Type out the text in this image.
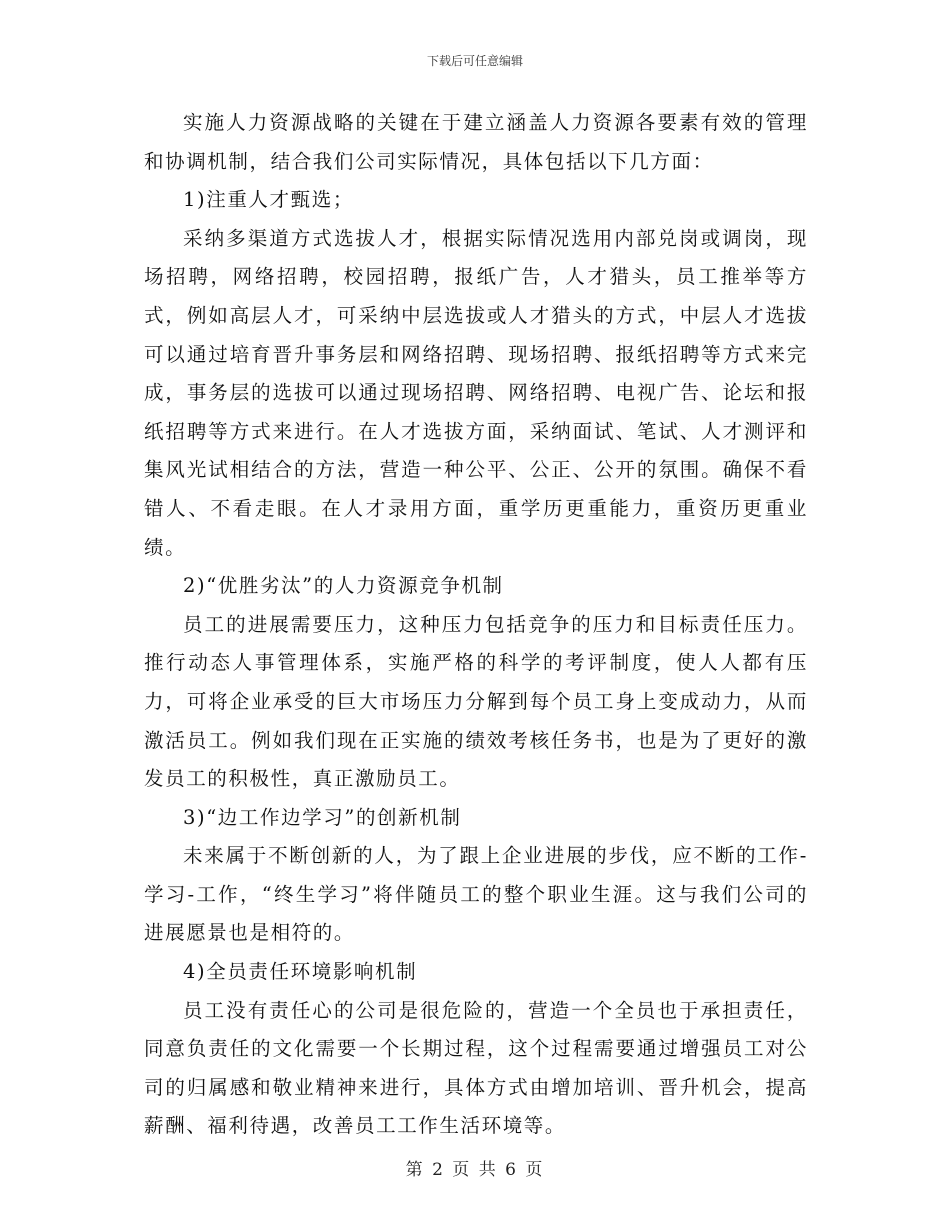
下载后可任意编辑

实施人力资源战略的关键在于建立涵盖人力资源各要素有效的管理和协调机制，结合我们公司实际情况，具体包括以下几方面：

1)注重人才甄选；

采纳多渠道方式选拔人才，根据实际情况选用内部兑岗或调岗，现场招聘，网络招聘，校园招聘，报纸广告，人才猎头，员工推举等方式，例如高层人才，可采纳中层选拔或人才猎头的方式，中层人才选拔可以通过培育晋升事务层和网络招聘、现场招聘、报纸招聘等方式来完成，事务层的选拔可以通过现场招聘、网络招聘、电视广告、论坛和报纸招聘等方式来进行。在人才选拔方面，采纳面试、笔试、人才测评和集风光试相结合的方法，营造一种公平、公正、公开的氛围。确保不看错人、不看走眼。在人才录用方面，重学历更重能力，重资历更重业绩。

2)“优胜劣汰”的人力资源竞争机制

员工的进展需要压力，这种压力包括竞争的压力和目标责任压力。推行动态人事管理体系，实施严格的科学的考评制度，使人人都有压力，可将企业承受的巨大市场压力分解到每个员工身上变成动力，从而激活员工。例如我们现在正实施的绩效考核任务书，也是为了更好的激发员工的积极性，真正激励员工。

3)“边工作边学习”的创新机制

未来属于不断创新的人，为了跟上企业进展的步伐，应不断的工作-学习-工作，“终生学习”将伴随员工的整个职业生涯。这与我们公司的进展愿景也是相符的。

4)全员责任环境影响机制

员工没有责任心的公司是很危险的，营造一个全员也于承担责任，同意负责任的文化需要一个长期过程，这个过程需要通过增强员工对公司的归属感和敬业精神来进行，具体方式由增加培训、晋升机会，提高薪酬、福利待遇，改善员工工作生活环境等。

第 2 页 共 6 页
